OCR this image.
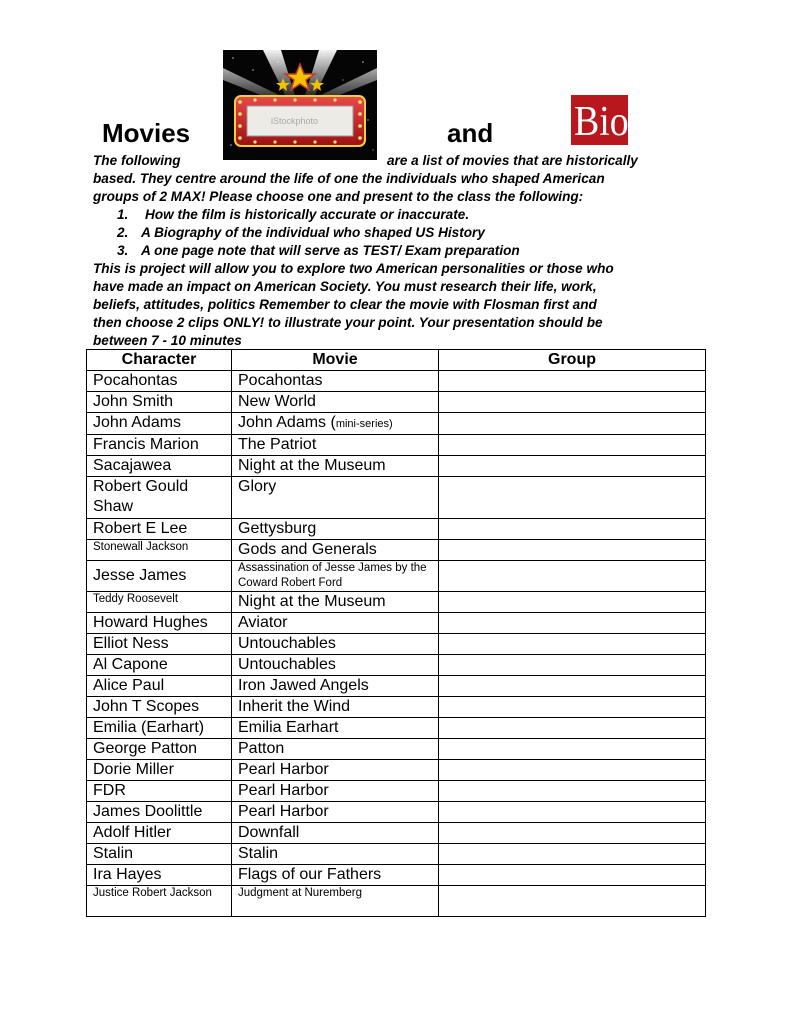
Movies	and
iStockphoto	Biography
The following	are a list of movies that are historically
based. They centre around the life of one the individuals who shaped American
groups of 2 MAX! Please choose one and present to the class the following:
1. How the film is historically accurate or inaccurate.
2. A Biography of the individual who shaped US History
3. A one page note that will serve as TEST/ Exam preparation
This is project will allow you to explore two American personalities or those who
have made an impact on American Society. You must research their life, work,
beliefs, attitudes, politics Remember to clear the movie with Flosman first and
then choose 2 clips ONLY! to illustrate your point. Your presentation should be
between 7 - 10 minutes
Character	Movie	Group
Pocahontas	Pocahontas	
John Smith	New World	
John Adams	John Adams (mini-series)	
Francis Marion	The Patriot	
Sacajawea	Night at the Museum	
Robert Gould Shaw	Glory	
Robert E Lee	Gettysburg	
Stonewall Jackson	Gods and Generals	
Jesse James	Assassination of Jesse James by the Coward Robert Ford	
Teddy Roosevelt	Night at the Museum	
Howard Hughes	Aviator	
Elliot Ness	Untouchables	
Al Capone	Untouchables	
Alice Paul	Iron Jawed Angels	
John T Scopes	Inherit the Wind	
Emilia (Earhart)	Emilia Earhart	
George Patton	Patton	
Dorie Miller	Pearl Harbor	
FDR	Pearl Harbor	
James Doolittle	Pearl Harbor	
Adolf Hitler	Downfall	
Stalin	Stalin	
Ira Hayes	Flags of our Fathers	
Justice Robert Jackson	Judgment at Nuremberg	
